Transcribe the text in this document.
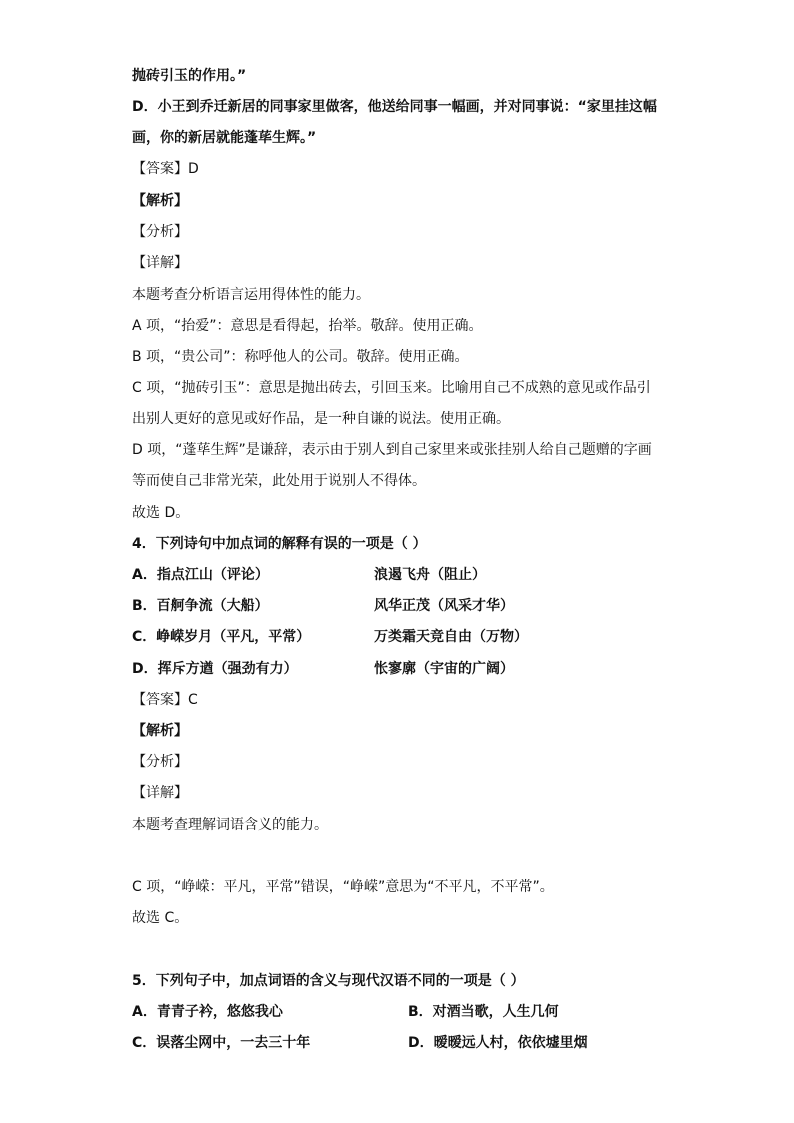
抛砖引玉的作用。”
D．小王到乔迁新居的同事家里做客，他送给同事一幅画，并对同事说：“家里挂这幅
画，你的新居就能蓬荜生辉。”
【答案】D
【解析】
【分析】
【详解】
本题考查分析语言运用得体性的能力。
A 项，“抬爱”：意思是看得起，抬举。敬辞。使用正确。
B 项，“贵公司”：称呼他人的公司。敬辞。使用正确。
C 项，“抛砖引玉”：意思是抛出砖去，引回玉来。比喻用自己不成熟的意见或作品引
出别人更好的意见或好作品，是一种自谦的说法。使用正确。
D 项，“蓬荜生辉”是谦辞，表示由于别人到自己家里来或张挂别人给自己题赠的字画
等而使自己非常光荣，此处用于说别人不得体。
故选 D。
4．下列诗句中加点词的解释有误的一项是（ ）
A．指点江山（评论）	浪遏飞舟（阻止）
B．百舸争流（大船）	风华正茂（风采才华）
C．峥嵘岁月（平凡，平常）	万类霜天竞自由（万物）
D．挥斥方遒（强劲有力）	怅寥廓（宇宙的广阔）
【答案】C
【解析】
【分析】
【详解】
本题考查理解词语含义的能力。
C 项，“峥嵘：平凡，平常”错误，“峥嵘”意思为“不平凡，不平常”。
故选 C。
5．下列句子中，加点词语的含义与现代汉语不同的一项是（ ）
A．青青子衿，悠悠我心	B．对酒当歌，人生几何
C．误落尘网中，一去三十年	D．暧暧远人村，依依墟里烟
